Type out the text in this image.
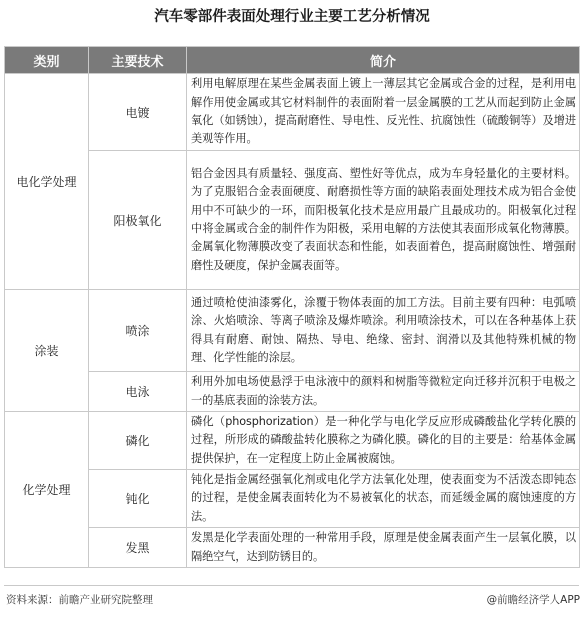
汽车零部件表面处理行业主要工艺分析情况
类别	主要技术	简介
电化学处理	电镀	利用电解原理在某些金属表面上镀上一薄层其它金属或合金的过程，是利用电解作用使金属或其它材料制件的表面附着一层金属膜的工艺从而起到防止金属氧化（如锈蚀），提高耐磨性、导电性、反光性、抗腐蚀性（硫酸铜等）及增进美观等作用。
	阳极氧化	铝合金因具有质量轻、强度高、塑性好等优点，成为车身轻量化的主要材料。为了克服铝合金表面硬度、耐磨损性等方面的缺陷表面处理技术成为铝合金使用中不可缺少的一环，而阳极氧化技术是应用最广且最成功的。阳极氧化过程中将金属或合金的制件作为阳极，采用电解的方法使其表面形成氧化物薄膜。金属氧化物薄膜改变了表面状态和性能，如表面着色，提高耐腐蚀性、增强耐磨性及硬度，保护金属表面等。
涂装	喷涂	通过喷枪使油漆雾化，涂覆于物体表面的加工方法。目前主要有四种：电弧喷涂、火焰喷涂、等离子喷涂及爆炸喷涂。利用喷涂技术，可以在各种基体上获得具有耐磨、耐蚀、隔热、导电、绝缘、密封、润滑以及其他特殊机械的物理、化学性能的涂层。
	电泳	利用外加电场使悬浮于电泳液中的颜料和树脂等微粒定向迁移并沉积于电极之一的基底表面的涂装方法。
化学处理	磷化	磷化（phosphorization）是一种化学与电化学反应形成磷酸盐化学转化膜的过程，所形成的磷酸盐转化膜称之为磷化膜。磷化的目的主要是：给基体金属提供保护，在一定程度上防止金属被腐蚀。
	钝化	钝化是指金属经强氧化剂或电化学方法氧化处理，使表面变为不活泼态即钝态的过程，是使金属表面转化为不易被氧化的状态，而延缓金属的腐蚀速度的方法。
	发黑	发黑是化学表面处理的一种常用手段，原理是使金属表面产生一层氧化膜，以隔绝空气，达到防锈目的。
资料来源：前瞻产业研究院整理	@前瞻经济学人APP
